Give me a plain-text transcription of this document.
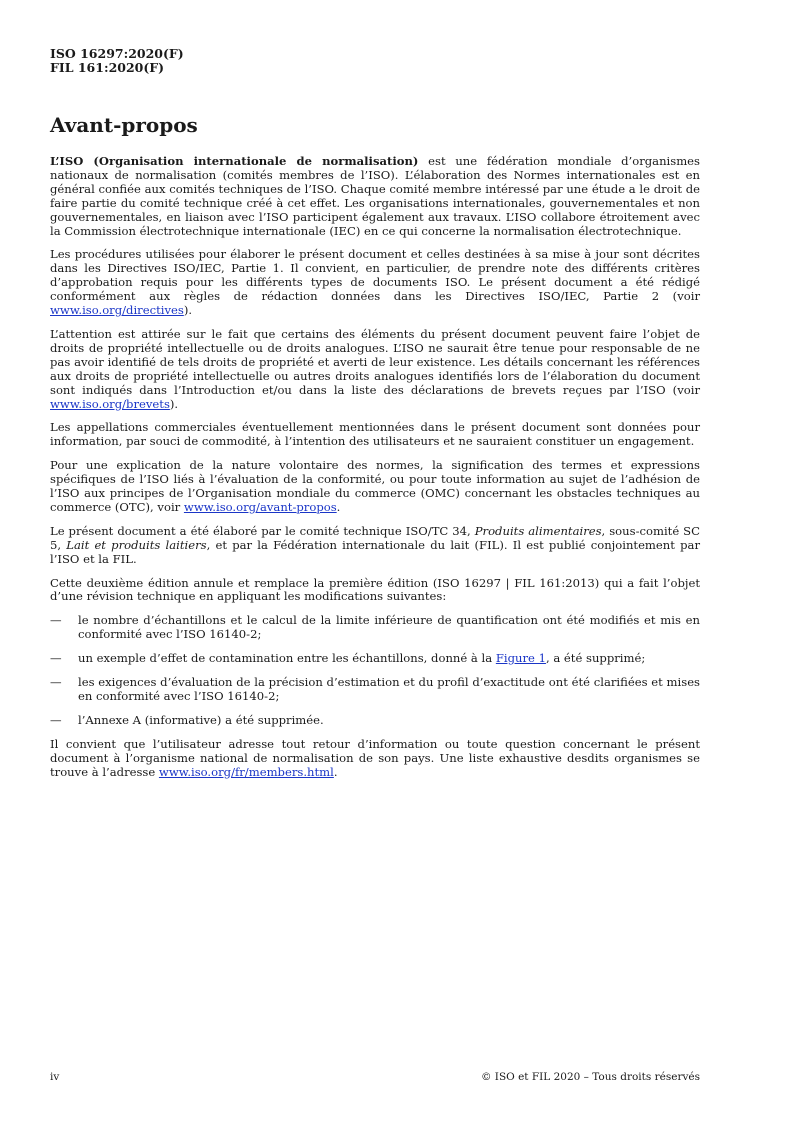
ISO 16297:2020(F)
FIL 161:2020(F)
Avant-propos

L’ISO (Organisation internationale de normalisation) est une fédération mondiale d’organismes nationaux de normalisation (comités membres de l’ISO). L’élaboration des Normes internationales est en général confiée aux comités techniques de l’ISO. Chaque comité membre intéressé par une étude a le droit de faire partie du comité technique créé à cet effet. Les organisations internationales, gouvernementales et non gouvernementales, en liaison avec l’ISO participent également aux travaux. L’ISO collabore étroitement avec la Commission électrotechnique internationale (IEC) en ce qui concerne la normalisation électrotechnique.

Les procédures utilisées pour élaborer le présent document et celles destinées à sa mise à jour sont décrites dans les Directives ISO/IEC, Partie 1. Il convient, en particulier, de prendre note des différents critères d’approbation requis pour les différents types de documents ISO. Le présent document a été rédigé conformément aux règles de rédaction données dans les Directives ISO/IEC, Partie 2 (voir www.iso.org/directives).

L’attention est attirée sur le fait que certains des éléments du présent document peuvent faire l’objet de droits de propriété intellectuelle ou de droits analogues. L’ISO ne saurait être tenue pour responsable de ne pas avoir identifié de tels droits de propriété et averti de leur existence. Les détails concernant les références aux droits de propriété intellectuelle ou autres droits analogues identifiés lors de l’élaboration du document sont indiqués dans l’Introduction et/ou dans la liste des déclarations de brevets reçues par l’ISO (voir www.iso.org/brevets).

Les appellations commerciales éventuellement mentionnées dans le présent document sont données pour information, par souci de commodité, à l’intention des utilisateurs et ne sauraient constituer un engagement.

Pour une explication de la nature volontaire des normes, la signification des termes et expressions spécifiques de l’ISO liés à l’évaluation de la conformité, ou pour toute information au sujet de l’adhésion de l’ISO aux principes de l’Organisation mondiale du commerce (OMC) concernant les obstacles techniques au commerce (OTC), voir www.iso.org/avant-propos.

Le présent document a été élaboré par le comité technique ISO/TC 34, Produits alimentaires, sous-comité SC 5, Lait et produits laitiers, et par la Fédération internationale du lait (FIL). Il est publié conjointement par l’ISO et la FIL.

Cette deuxième édition annule et remplace la première édition (ISO 16297 | FIL 161:2013) qui a fait l’objet d’une révision technique en appliquant les modifications suivantes:

—	le nombre d’échantillons et le calcul de la limite inférieure de quantification ont été modifiés et mis en conformité avec l’ISO 16140-2;
—	un exemple d’effet de contamination entre les échantillons, donné à la Figure 1, a été supprimé;
—	les exigences d’évaluation de la précision d’estimation et du profil d’exactitude ont été clarifiées et mises en conformité avec l’ISO 16140-2;
—	l’Annexe A (informative) a été supprimée.

Il convient que l’utilisateur adresse tout retour d’information ou toute question concernant le présent document à l’organisme national de normalisation de son pays. Une liste exhaustive desdits organismes se trouve à l’adresse www.iso.org/fr/members.html.

iv	© ISO et FIL 2020 – Tous droits réservés
